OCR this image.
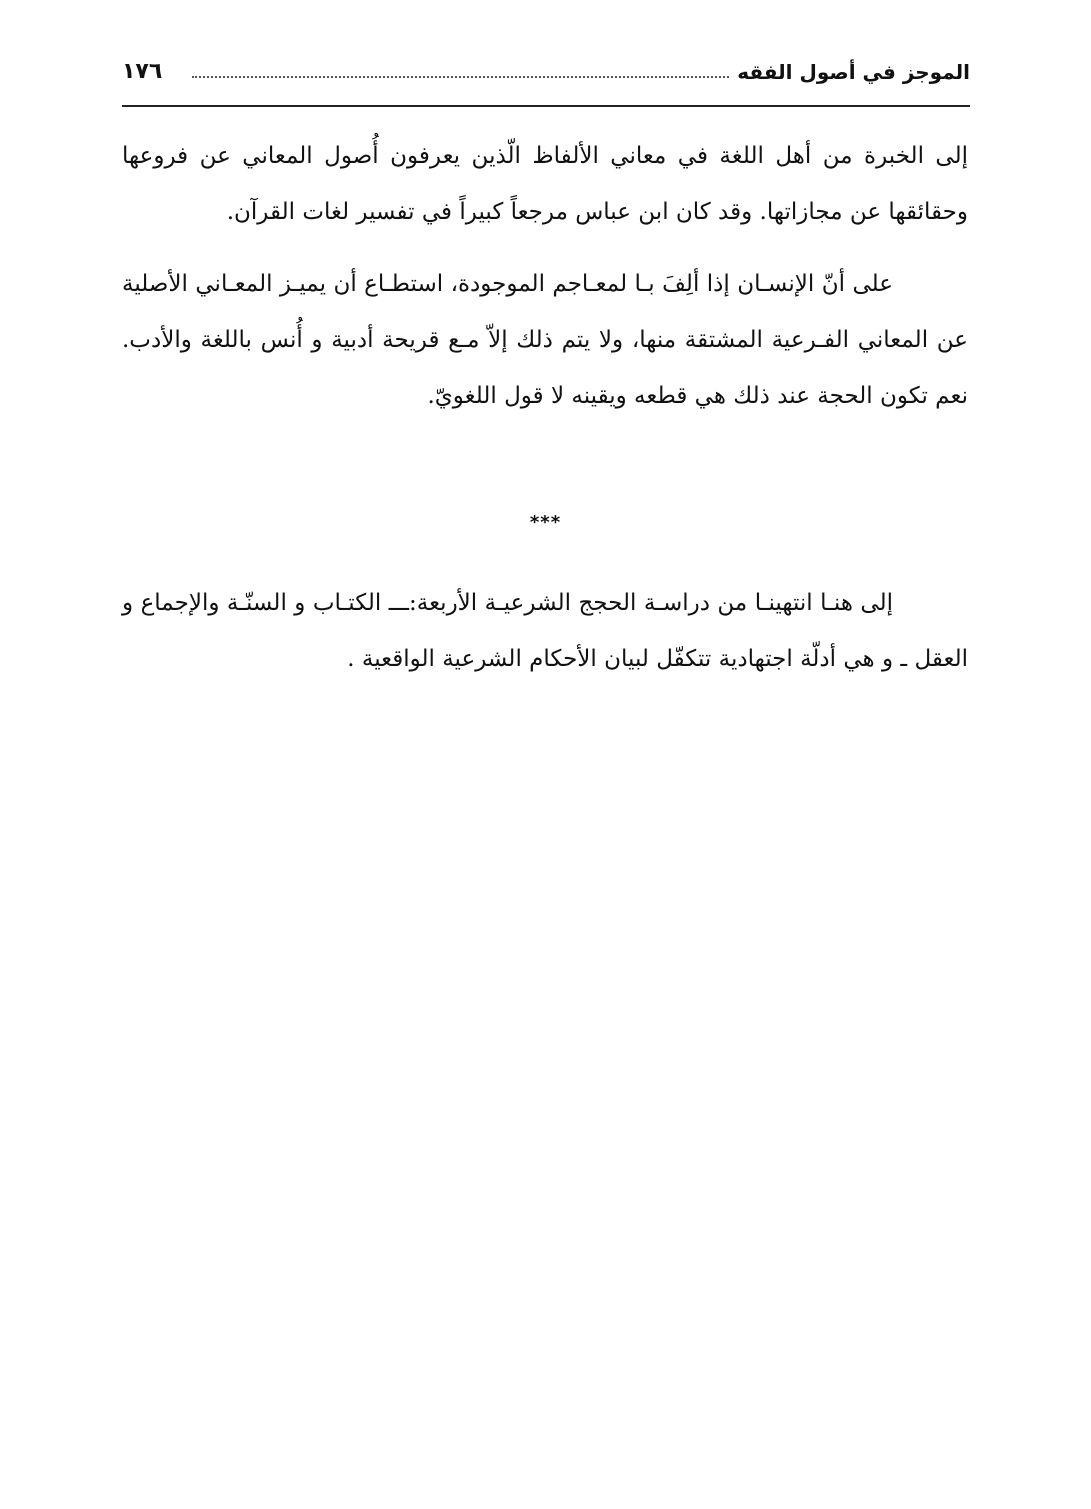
الموجز في أصول الفقه
١٧٦

إلى الخبرة من أهل اللغة في معاني الألفاظ الّذين يعرفون أُصول المعاني عن فروعها وحقائقها عن مجازاتها. وقد كان ابن عباس مرجعاً كبيراً في تفسير لغات القرآن.

على أنّ الإنسـان إذا ألِفَ بـا لمعـاجم الموجودة، استطـاع أن يميـز المعـاني الأصلية عن المعاني الفـرعية المشتقة منها، ولا يتم ذلك إلاّ مـع قريحة أدبية و أُنس باللغة والأدب. نعم تكون الحجة عند ذلك هي قطعه ويقينه لا قول اللغويّ.

***

إلى هنـا انتهينـا من دراسـة الحجج الشرعيـة الأربعة:ـــ الكتـاب و السنّـة والإجماع و العقل ـ و هي أدلّة اجتهادية تتكفّل لبيان الأحكام الشرعية الواقعية .
